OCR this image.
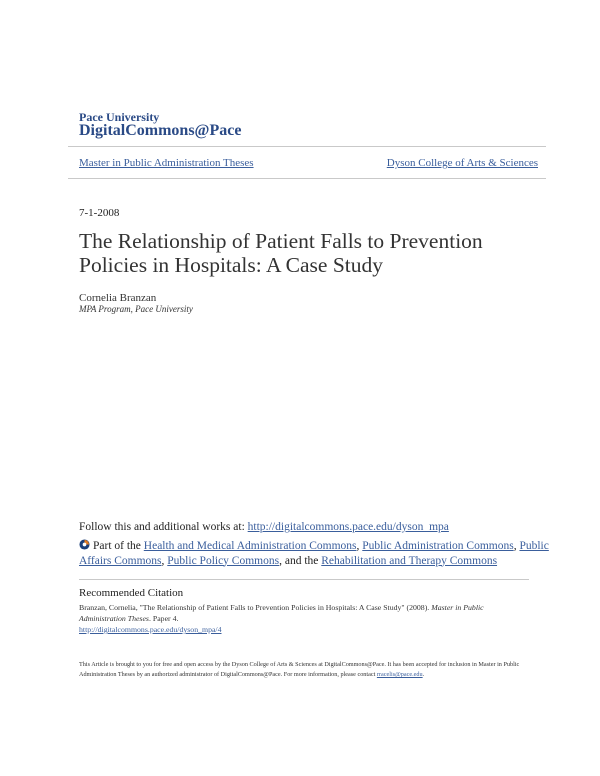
Pace University
DigitalCommons@Pace
Master in Public Administration Theses	Dyson College of Arts & Sciences
7-1-2008
The Relationship of Patient Falls to Prevention Policies in Hospitals: A Case Study
Cornelia Branzan
MPA Program, Pace University
Follow this and additional works at: http://digitalcommons.pace.edu/dyson_mpa
Part of the Health and Medical Administration Commons, Public Administration Commons, Public Affairs Commons, Public Policy Commons, and the Rehabilitation and Therapy Commons
Recommended Citation
Branzan, Cornelia, "The Relationship of Patient Falls to Prevention Policies in Hospitals: A Case Study" (2008). Master in Public Administration Theses. Paper 4.
http://digitalcommons.pace.edu/dyson_mpa/4
This Article is brought to you for free and open access by the Dyson College of Arts & Sciences at DigitalCommons@Pace. It has been accepted for inclusion in Master in Public Administration Theses by an authorized administrator of DigitalCommons@Pace. For more information, please contact rracelis@pace.edu.
